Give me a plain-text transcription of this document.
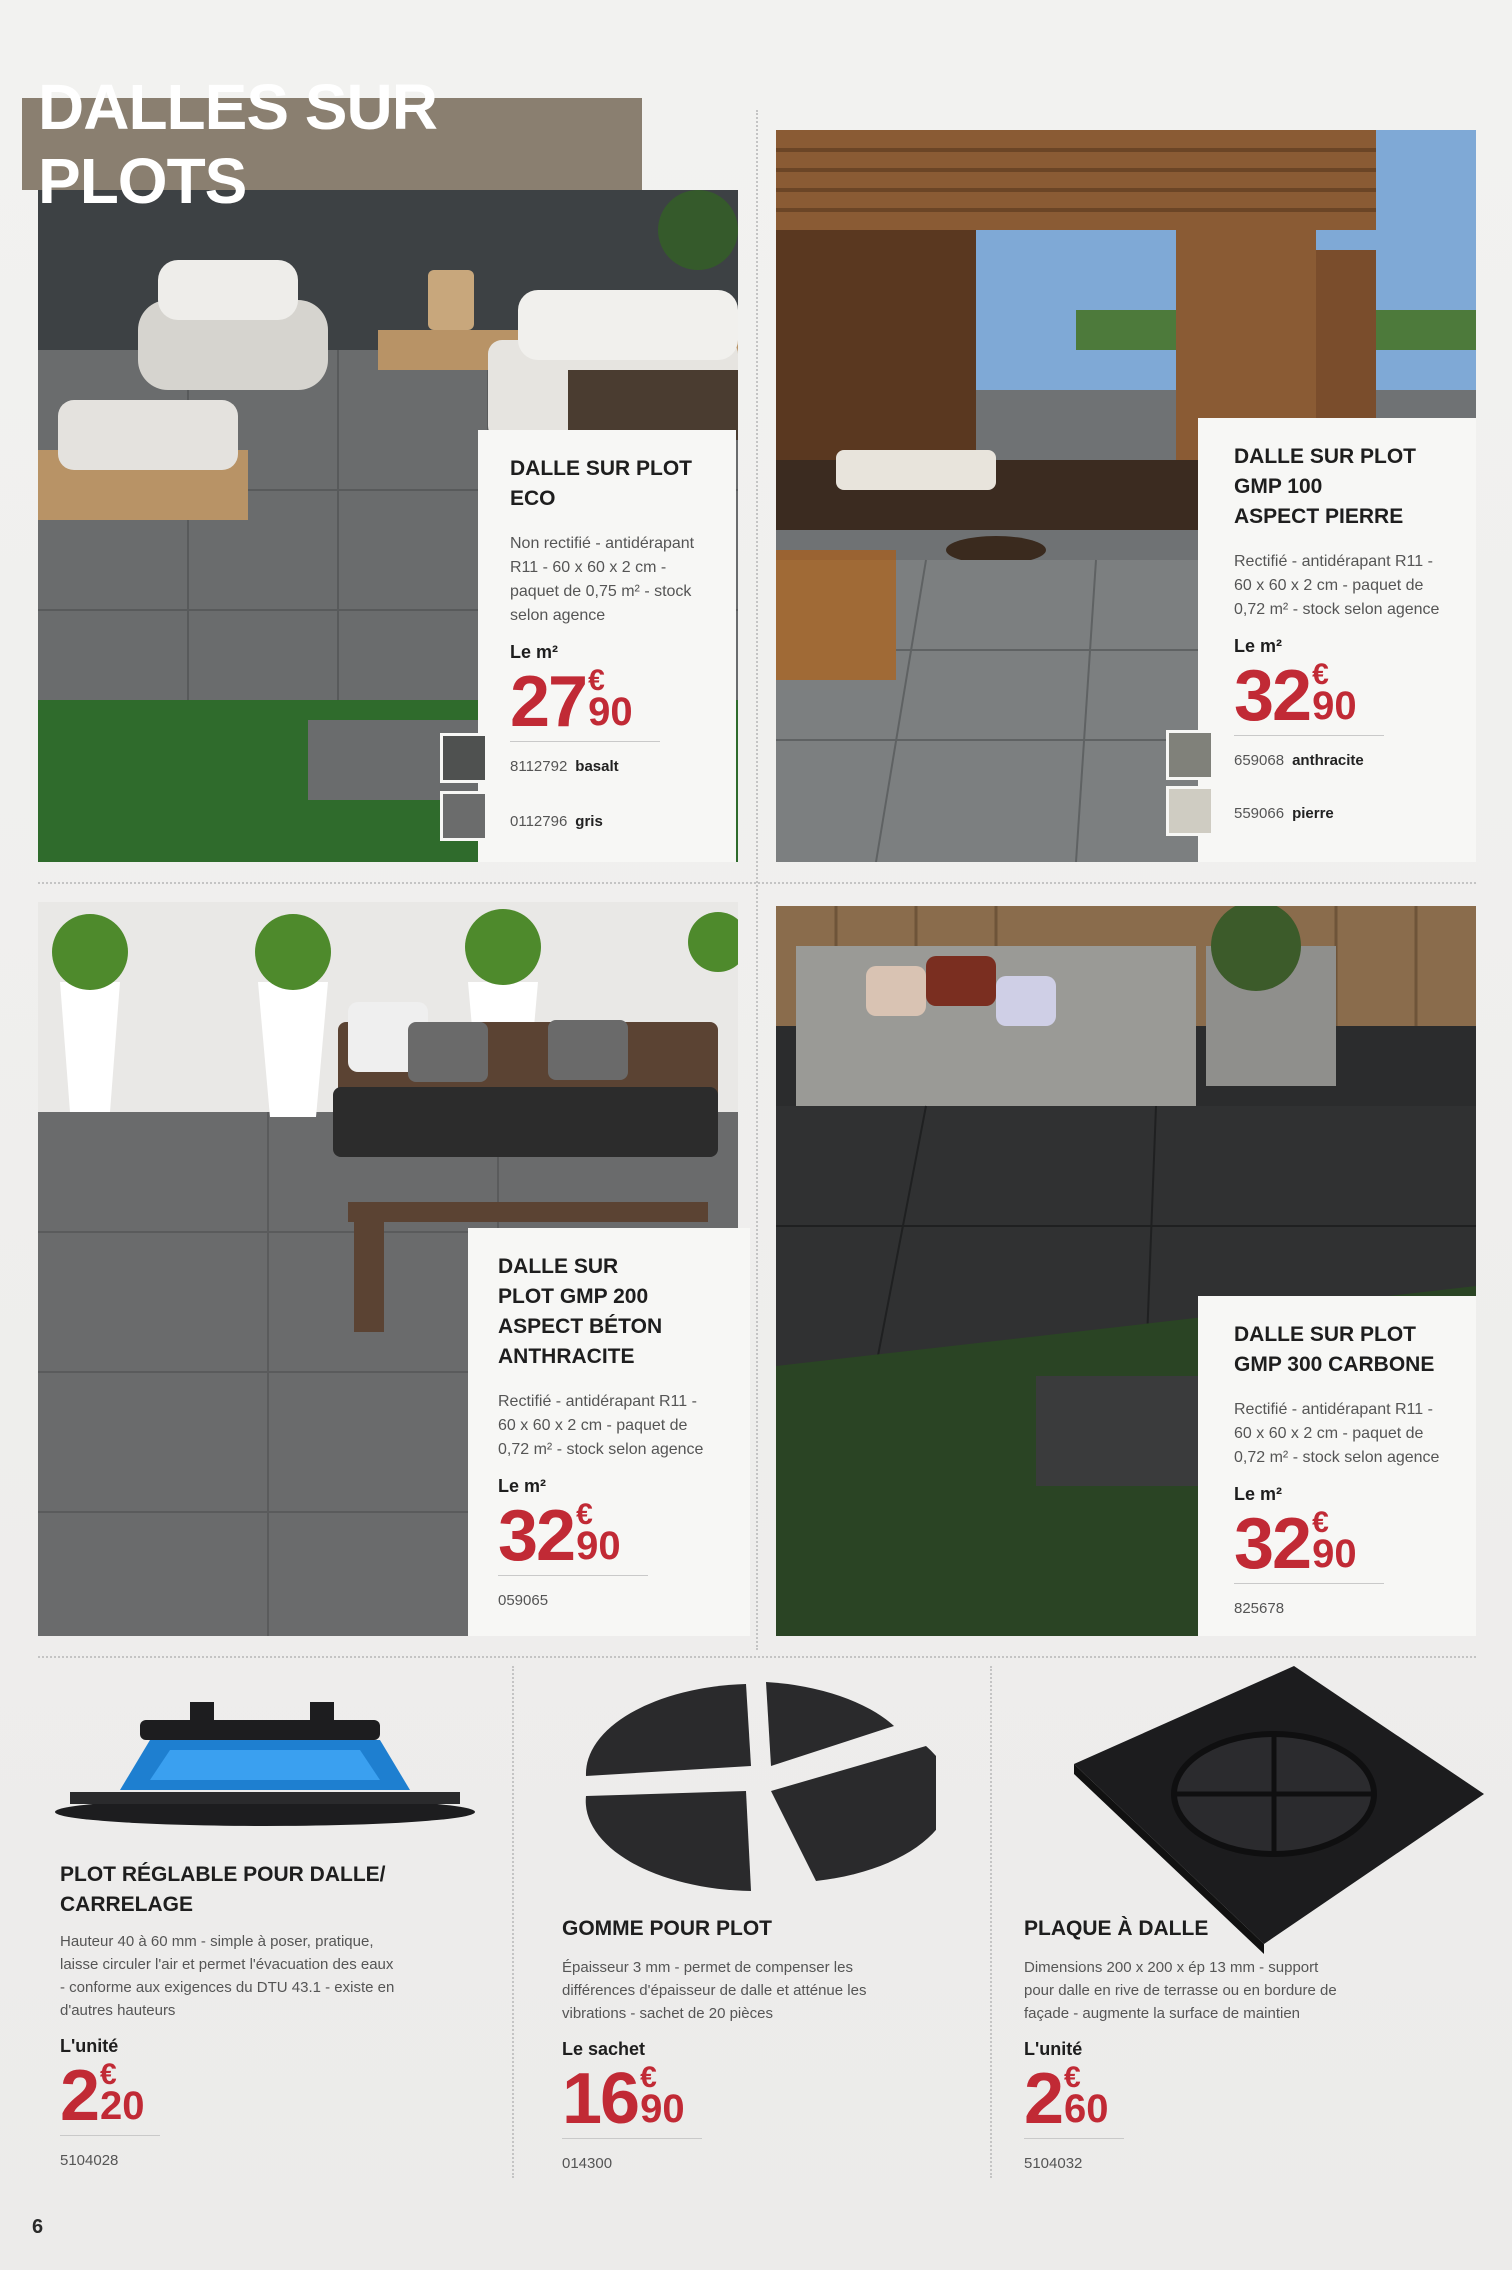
DALLES SUR PLOTS
DALLE SUR PLOT
ECO
Non rectifié - antidérapant
R11 - 60 x 60 x 2 cm -
paquet de 0,75 m² - stock
selon agence
Le m²
27 €
90
8112792 basalt
0112796 gris
DALLE SUR PLOT
GMP 100
ASPECT PIERRE
Rectifié - antidérapant R11 -
60 x 60 x 2 cm - paquet de
0,72 m² - stock selon agence
Le m²
32 €
90
659068 anthracite
559066 pierre
DALLE SUR
PLOT GMP 200
ASPECT BÉTON
ANTHRACITE
Rectifié - antidérapant R11 -
60 x 60 x 2 cm - paquet de
0,72 m² - stock selon agence
Le m²
32 €
90
059065
DALLE SUR PLOT
GMP 300 CARBONE
Rectifié - antidérapant R11 -
60 x 60 x 2 cm - paquet de
0,72 m² - stock selon agence
Le m²
32 €
90
825678
PLOT RÉGLABLE POUR DALLE/
CARRELAGE
Hauteur 40 à 60 mm - simple à poser, pratique,
laisse circuler l'air et permet l'évacuation des eaux
- conforme aux exigences du DTU 43.1 - existe en
d'autres hauteurs
L'unité
2 €
20
5104028
GOMME POUR PLOT
Épaisseur 3 mm - permet de compenser les
différences d'épaisseur de dalle et atténue les
vibrations - sachet de 20 pièces
Le sachet
16 €
90
014300
PLAQUE À DALLE
Dimensions 200 x 200 x ép 13 mm - support
pour dalle en rive de terrasse ou en bordure de
façade - augmente la surface de maintien
L'unité
2 €
60
5104032
6
